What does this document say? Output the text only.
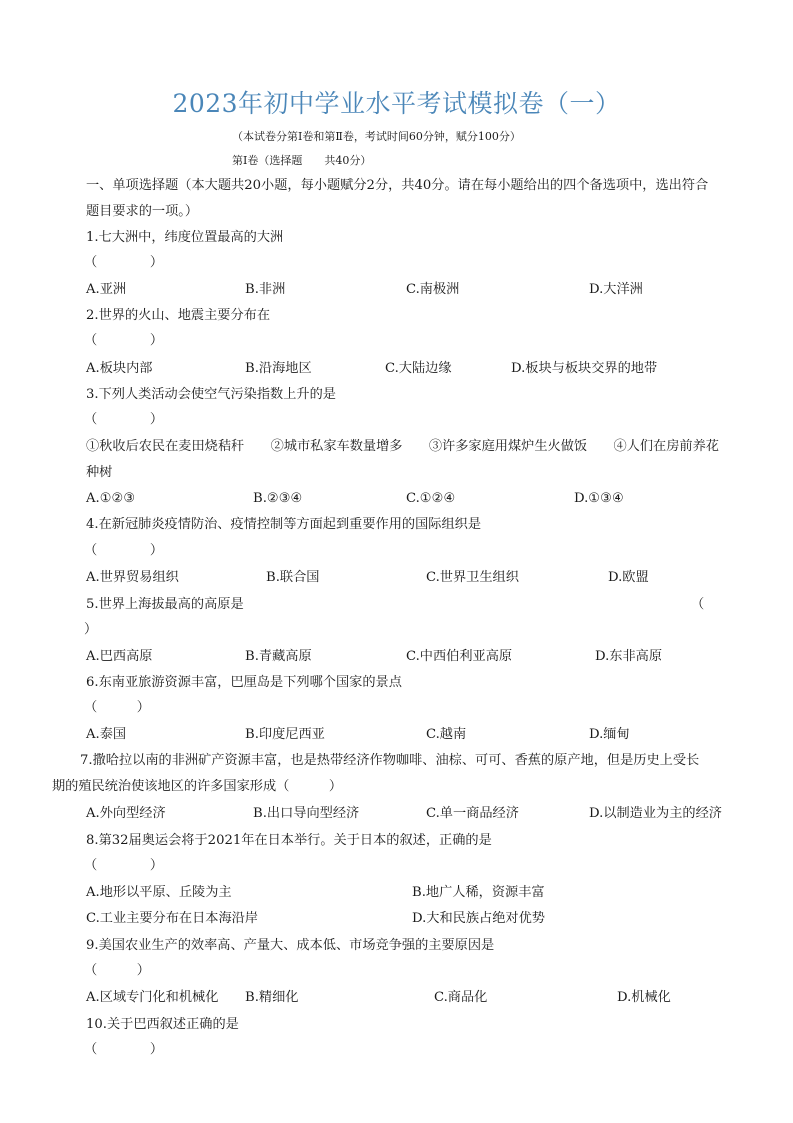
2023年初中学业水平考试模拟卷（一）
（本试卷分第Ⅰ卷和第Ⅱ卷，考试时间60分钟，赋分100分）
第Ⅰ卷（选择题　　共40分）
一、单项选择题（本大题共20小题，每小题赋分2分，共40分。请在每小题给出的四个备选项中，选出符合
题目要求的一项。）
1.七大洲中，纬度位置最高的大洲
（　　　　）
A.亚洲	B.非洲	C.南极洲	D.大洋洲
2.世界的火山、地震主要分布在
（　　　　）
A.板块内部	B.沿海地区	C.大陆边缘	D.板块与板块交界的地带
3.下列人类活动会使空气污染指数上升的是
（　　　　）
①秋收后农民在麦田烧秸秆　　②城市私家车数量增多　　③许多家庭用煤炉生火做饭　　④人们在房前养花
种树
A.①②③	B.②③④	C.①②④	D.①③④
4.在新冠肺炎疫情防治、疫情控制等方面起到重要作用的国际组织是
（　　　　）
A.世界贸易组织	B.联合国	C.世界卫生组织	D.欧盟
5.世界上海拔最高的高原是	（
）
A.巴西高原	B.青藏高原	C.中西伯利亚高原	D.东非高原
6.东南亚旅游资源丰富，巴厘岛是下列哪个国家的景点
（　　　）
A.泰国	B.印度尼西亚	C.越南	D.缅甸
7.撒哈拉以南的非洲矿产资源丰富，也是热带经济作物咖啡、油棕、可可、香蕉的原产地，但是历史上受长
期的殖民统治使该地区的许多国家形成（　　　）
A.外向型经济	B.出口导向型经济	C.单一商品经济	D.以制造业为主的经济
8.第32届奥运会将于2021年在日本举行。关于日本的叙述，正确的是
（　　　　）
A.地形以平原、丘陵为主	B.地广人稀，资源丰富
C.工业主要分布在日本海沿岸	D.大和民族占绝对优势
9.美国农业生产的效率高、产量大、成本低、市场竞争强的主要原因是
（　　　）
A.区域专门化和机械化 B.精细化	C.商品化	D.机械化
10.关于巴西叙述正确的是
（　　　　）
